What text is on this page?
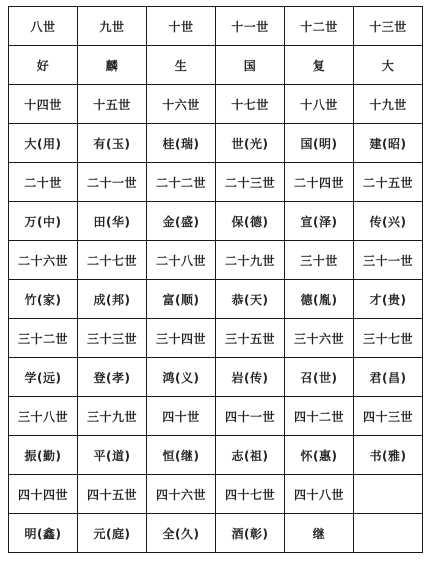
八世	九世	十世	十一世	十二世	十三世
好	麟	生	国	复	大
十四世	十五世	十六世	十七世	十八世	十九世
大(用)	有(玉)	桂(瑞)	世(光)	国(明)	建(昭)
二十世	二十一世	二十二世	二十三世	二十四世	二十五世
万(中)	田(华)	金(盛)	保(德)	宣(泽)	传(兴)
二十六世	二十七世	二十八世	二十九世	三十世	三十一世
竹(家)	成(邦)	富(顺)	恭(天)	德(胤)	才(贵)
三十二世	三十三世	三十四世	三十五世	三十六世	三十七世
学(远)	登(孝)	鸿(义)	岩(传)	召(世)	君(昌)
三十八世	三十九世	四十世	四十一世	四十二世	四十三世
振(勤)	平(道)	恒(继)	志(祖)	怀(惠)	书(雅)
四十四世	四十五世	四十六世	四十七世	四十八世	
明(鑫)	元(庭)	全(久)	酒(彰)	继	
